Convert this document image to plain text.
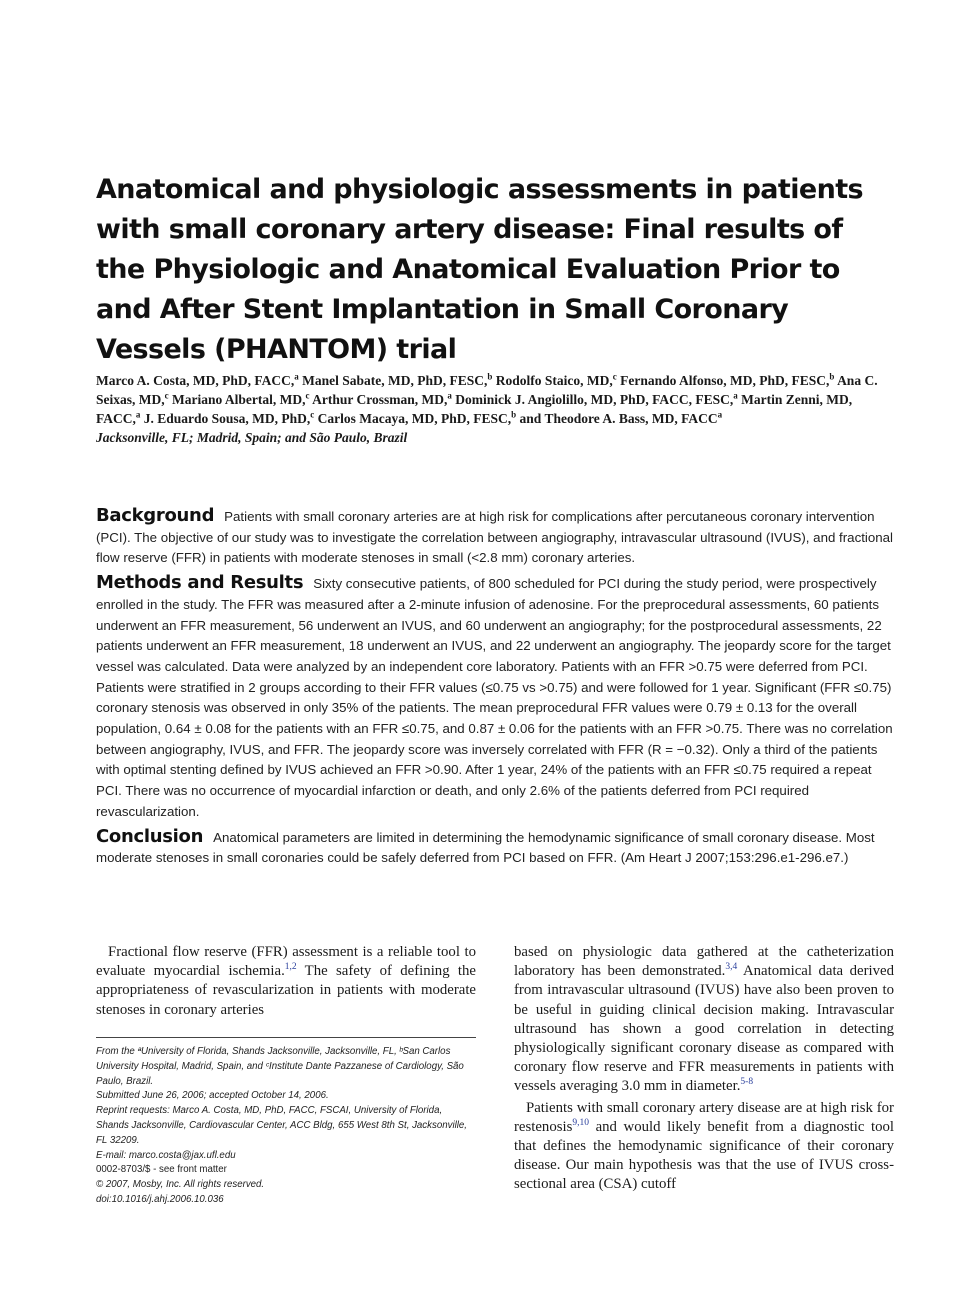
Anatomical and physiologic assessments in patients with small coronary artery disease: Final results of the Physiologic and Anatomical Evaluation Prior to and After Stent Implantation in Small Coronary Vessels (PHANTOM) trial
Marco A. Costa, MD, PhD, FACC,$^a$ Manel Sabate, MD, PhD, FESC,$^b$ Rodolfo Staico, MD,$^c$ Fernando Alfonso, MD, PhD, FESC,$^b$ Ana C. Seixas, MD,$^c$ Mariano Albertal, MD,$^c$ Arthur Crossman, MD,$^a$ Dominick J. Angiolillo, MD, PhD, FACC, FESC,$^a$ Martin Zenni, MD, FACC,$^a$ J. Eduardo Sousa, MD, PhD,$^c$ Carlos Macaya, MD, PhD, FESC,$^b$ and Theodore A. Bass, MD, FACC$^a$
Jacksonville, FL; Madrid, Spain; and São Paulo, Brazil

Background Patients with small coronary arteries are at high risk for complications after percutaneous coronary intervention (PCI). The objective of our study was to investigate the correlation between angiography, intravascular ultrasound (IVUS), and fractional flow reserve (FFR) in patients with moderate stenoses in small (<2.8 mm) coronary arteries.

Methods and Results Sixty consecutive patients, of 800 scheduled for PCI during the study period, were prospectively enrolled in the study. The FFR was measured after a 2-minute infusion of adenosine. For the preprocedural assessments, 60 patients underwent an FFR measurement, 56 underwent an IVUS, and 60 underwent an angiography; for the postprocedural assessments, 22 patients underwent an FFR measurement, 18 underwent an IVUS, and 22 underwent an angiography. The jeopardy score for the target vessel was calculated. Data were analyzed by an independent core laboratory. Patients with an FFR >0.75 were deferred from PCI. Patients were stratified in 2 groups according to their FFR values (≤0.75 vs >0.75) and were followed for 1 year. Significant (FFR ≤0.75) coronary stenosis was observed in only 35% of the patients. The mean preprocedural FFR values were 0.79 ± 0.13 for the overall population, 0.64 ± 0.08 for the patients with an FFR ≤0.75, and 0.87 ± 0.06 for the patients with an FFR >0.75. There was no correlation between angiography, IVUS, and FFR. The jeopardy score was inversely correlated with FFR (R = −0.32). Only a third of the patients with optimal stenting defined by IVUS achieved an FFR >0.90. After 1 year, 24% of the patients with an FFR ≤0.75 required a repeat PCI. There was no occurrence of myocardial infarction or death, and only 2.6% of the patients deferred from PCI required revascularization.

Conclusion Anatomical parameters are limited in determining the hemodynamic significance of small coronary disease. Most moderate stenoses in small coronaries could be safely deferred from PCI based on FFR. (Am Heart J 2007;153:296.e1-296.e7.)

Fractional flow reserve (FFR) assessment is a reliable tool to evaluate myocardial ischemia.$^{1,2}$ The safety of defining the appropriateness of revascularization in patients with moderate stenoses in coronary arteries

From the ªUniversity of Florida, Shands Jacksonville, Jacksonville, FL, ᵇSan Carlos University Hospital, Madrid, Spain, and ᶜInstitute Dante Pazzanese of Cardiology, São Paulo, Brazil.
Submitted June 26, 2006; accepted October 14, 2006.
Reprint requests: Marco A. Costa, MD, PhD, FACC, FSCAI, University of Florida, Shands Jacksonville, Cardiovascular Center, ACC Bldg, 655 West 8th St, Jacksonville, FL 32209.
E-mail: marco.costa@jax.ufl.edu
0002-8703/$ - see front matter
© 2007, Mosby, Inc. All rights reserved.
doi:10.1016/j.ahj.2006.10.036

based on physiologic data gathered at the catheterization laboratory has been demonstrated.$^{3,4}$ Anatomical data derived from intravascular ultrasound (IVUS) have also been proven to be useful in guiding clinical decision making. Intravascular ultrasound has shown a good correlation in detecting physiologically significant coronary disease as compared with coronary flow reserve and FFR measurements in patients with vessels averaging 3.0 mm in diameter.$^{5-8}$

Patients with small coronary artery disease are at high risk for restenosis$^{9,10}$ and would likely benefit from a diagnostic tool that defines the hemodynamic significance of their coronary disease. Our main hypothesis was that the use of IVUS cross-sectional area (CSA) cutoff
